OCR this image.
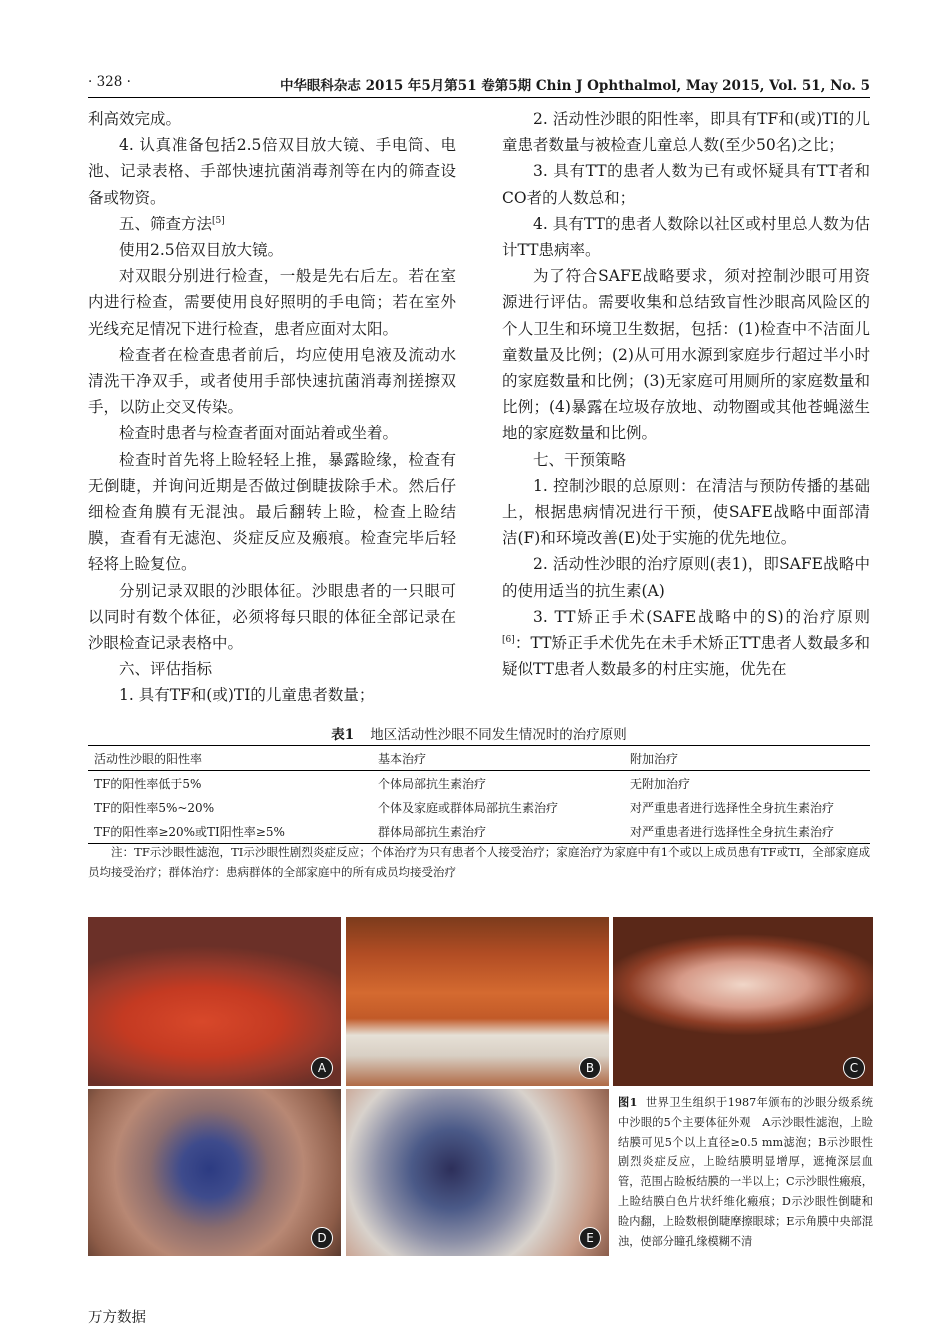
· 328 ·	中华眼科杂志 2015 年5月第51 卷第5期 Chin J Ophthalmol, May 2015, Vol. 51, No. 5

利高效完成。

4. 认真准备包括2.5倍双目放大镜、手电筒、电池、记录表格、手部快速抗菌消毒剂等在内的筛查设备或物资。

五、筛查方法[5]

使用2.5倍双目放大镜。

对双眼分别进行检查，一般是先右后左。若在室内进行检查，需要使用良好照明的手电筒；若在室外光线充足情况下进行检查，患者应面对太阳。

检查者在检查患者前后，均应使用皂液及流动水清洗干净双手，或者使用手部快速抗菌消毒剂搓擦双手，以防止交叉传染。

检查时患者与检查者面对面站着或坐着。

检查时首先将上睑轻轻上推，暴露睑缘，检查有无倒睫，并询问近期是否做过倒睫拔除手术。然后仔细检查角膜有无混浊。最后翻转上睑，检查上睑结膜，查看有无滤泡、炎症反应及瘢痕。检查完毕后轻轻将上睑复位。

分别记录双眼的沙眼体征。沙眼患者的一只眼可以同时有数个体征，必须将每只眼的体征全部记录在沙眼检查记录表格中。

六、评估指标

1. 具有TF和(或)TI的儿童患者数量；

2. 活动性沙眼的阳性率，即具有TF和(或)TI的儿童患者数量与被检查儿童总人数(至少50名)之比；

3. 具有TT的患者人数为已有或怀疑具有TT者和CO者的人数总和；

4. 具有TT的患者人数除以社区或村里总人数为估计TT患病率。

为了符合SAFE战略要求，须对控制沙眼可用资源进行评估。需要收集和总结致盲性沙眼高风险区的个人卫生和环境卫生数据，包括：(1)检查中不洁面儿童数量及比例；(2)从可用水源到家庭步行超过半小时的家庭数量和比例；(3)无家庭可用厕所的家庭数量和比例；(4)暴露在垃圾存放地、动物圈或其他苍蝇滋生地的家庭数量和比例。

七、干预策略

1. 控制沙眼的总原则：在清洁与预防传播的基础上，根据患病情况进行干预，使SAFE战略中面部清洁(F)和环境改善(E)处于实施的优先地位。

2. 活动性沙眼的治疗原则(表1)，即SAFE战略中的使用适当的抗生素(A)

3. TT矫正手术(SAFE战略中的S)的治疗原则[6]：TT矫正手术优先在未手术矫正TT患者人数最多和疑似TT患者人数最多的村庄实施，优先在

表1 地区活动性沙眼不同发生情况时的治疗原则
活动性沙眼的阳性率	基本治疗	附加治疗
TF的阳性率低于5%	个体局部抗生素治疗	无附加治疗
TF的阳性率5%~20%	个体及家庭或群体局部抗生素治疗	对严重患者进行选择性全身抗生素治疗
TF的阳性率≥20%或TI阳性率≥5%	群体局部抗生素治疗	对严重患者进行选择性全身抗生素治疗
注：TF示沙眼性滤泡，TI示沙眼性剧烈炎症反应；个体治疗为只有患者个人接受治疗；家庭治疗为家庭中有1个或以上成员患有TF或TI，全部家庭成员均接受治疗；群体治疗：患病群体的全部家庭中的所有成员均接受治疗
A	B	C
D	E
图1 世界卫生组织于1987年颁布的沙眼分级系统中沙眼的5个主要体征外观　A示沙眼性滤泡，上睑结膜可见5个以上直径≥0.5 mm滤泡；B示沙眼性剧烈炎症反应，上睑结膜明显增厚，遮掩深层血管，范围占睑板结膜的一半以上；C示沙眼性瘢痕，上睑结膜白色片状纤维化瘢痕；D示沙眼性倒睫和睑内翻，上睑数根倒睫摩擦眼球；E示角膜中央部混浊，使部分瞳孔缘模糊不清
万方数据
